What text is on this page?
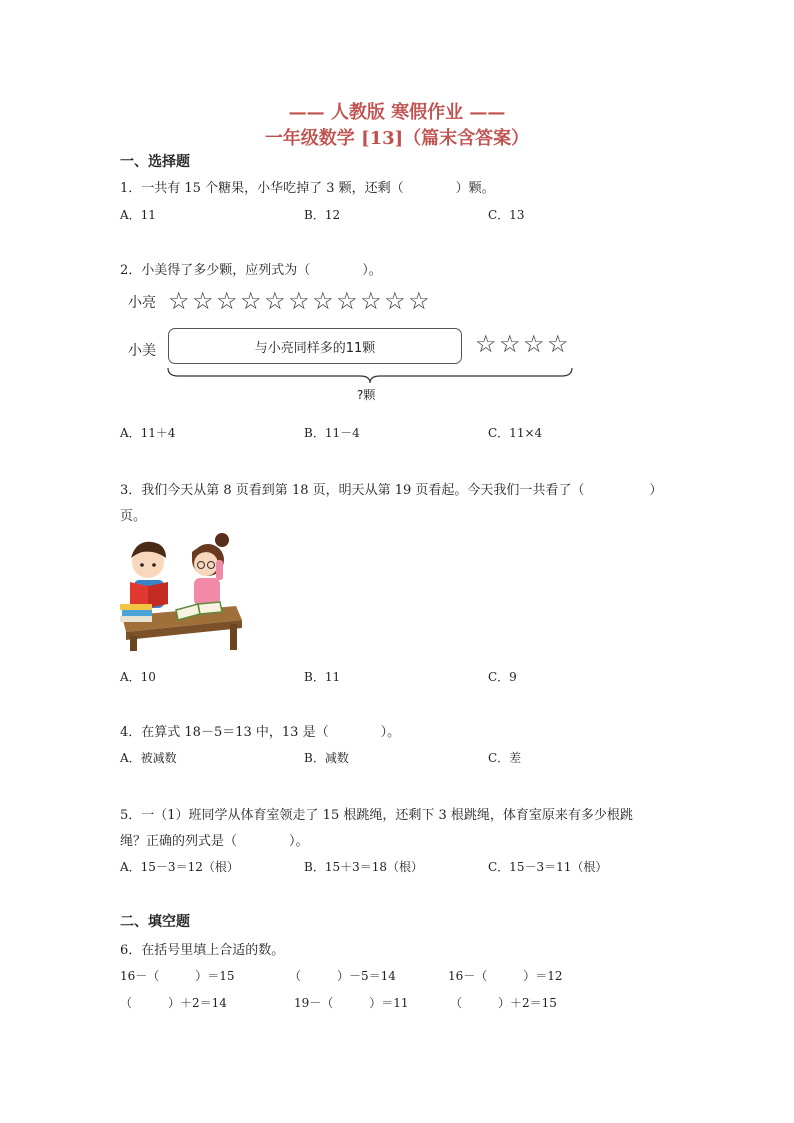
—— 人教版 寒假作业 ——
一年级数学 [13]（篇末含答案）
一、选择题
1．一共有 15 个糖果，小华吃掉了 3 颗，还剩（　　　　）颗。
A．11	B．12	C．13
2．小美得了多少颗，应列式为（　　　　）。
小亮 ☆ ☆ ☆ ☆ ☆ ☆ ☆ ☆ ☆ ☆ ☆
小美	与小亮同样多的11颗	☆ ☆ ☆ ☆
?颗
A．11＋4	B．11－4	C．11×4
3．我们今天从第 8 页看到第 18 页，明天从第 19 页看起。今天我们一共看了（　　　　　）
页。
A．10	B．11	C．9
4．在算式 18－5＝13 中，13 是（　　　　）。
A．被减数	B．减数	C．差
5．一（1）班同学从体育室领走了 15 根跳绳，还剩下 3 根跳绳，体育室原来有多少根跳
绳？正确的列式是（　　　　）。
A．15－3＝12（根）	B．15＋3＝18（根）	C．15－3＝11（根）
二、填空题
6．在括号里填上合适的数。
16－（　　　）＝15	（　　　）－5＝14	16－（　　　）＝12
（　　　）＋2＝14	19－（　　　）＝11	（　　　）＋2＝15
